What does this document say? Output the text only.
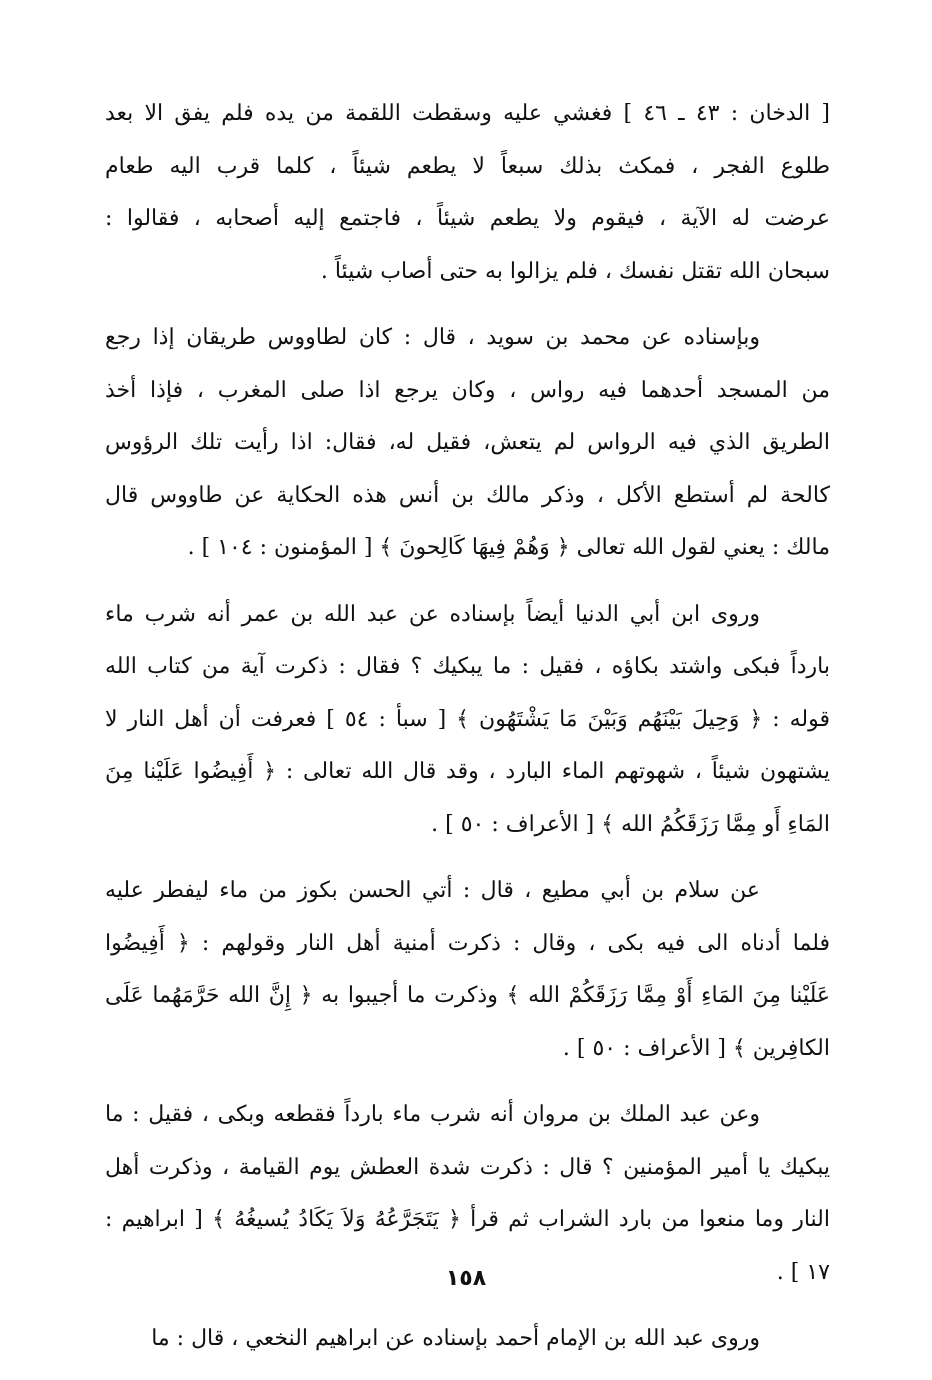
[ الدخان : ٤٣ ـ ٤٦ ] فغشي عليه وسقطت اللقمة من يده فلم يفق الا بعد
طلوع الفجر ، فمكث بذلك سبعاً لا يطعم شيئاً ، كلما قرب اليه طعام
عرضت له الآية ، فيقوم ولا يطعم شيئاً ، فاجتمع إليه أصحابه ، فقالوا :
سبحان الله تقتل نفسك ، فلم يزالوا به حتى أصاب شيئاً .
وبإسناده عن محمد بن سويد ، قال : كان لطاووس طريقان إذا رجع
من المسجد أحدهما فيه رواس ، وكان يرجع اذا صلى المغرب ، فإذا أخذ
الطريق الذي فيه الرواس لم يتعش، فقيل له، فقال: اذا رأيت تلك الرؤوس
كالحة لم أستطع الأكل ، وذكر مالك بن أنس هذه الحكاية عن طاووس قال
مالك : يعني لقول الله تعالى ﴿ وَهُمْ فِيهَا كَالِحونَ ﴾ [ المؤمنون : ١٠٤ ] .
وروى ابن أبي الدنيا أيضاً بإسناده عن عبد الله بن عمر أنه شرب ماء
بارداً فبكى واشتد بكاؤه ، فقيل : ما يبكيك ؟ فقال : ذكرت آية من كتاب الله
قوله : ﴿ وَحِيلَ بَيْنَهُم وَبَيْنَ مَا يَشْتَهُون ﴾ [ سبأ : ٥٤ ] فعرفت أن أهل النار لا
يشتهون شيئاً ، شهوتهم الماء البارد ، وقد قال الله تعالى : ﴿ أَفِيضُوا عَلَيْنا مِنَ
المَاءِ أَو مِمَّا رَزَقَكُمُ الله ﴾ [ الأعراف : ٥٠ ] .
عن سلام بن أبي مطيع ، قال : أتي الحسن بكوز من ماء ليفطر عليه
فلما أدناه الى فيه بكى ، وقال : ذكرت أمنية أهل النار وقولهم : ﴿ أَفِيضُوا
عَلَيْنا مِنَ المَاءِ أَوْ مِمَّا رَزَقَكُمْ الله ﴾ وذكرت ما أجيبوا به ﴿ إِنَّ الله حَرَّمَهُما عَلَى
الكافِرين ﴾ [ الأعراف : ٥٠ ] .
وعن عبد الملك بن مروان أنه شرب ماء بارداً فقطعه وبكى ، فقيل : ما
يبكيك يا أمير المؤمنين ؟ قال : ذكرت شدة العطش يوم القيامة ، وذكرت أهل
النار وما منعوا من بارد الشراب ثم قرأ ﴿ يَتَجَرَّعُهُ وَلاَ يَكَادُ يُسيغُهُ ﴾ [ ابراهيم :
١٧ ] .
وروى عبد الله بن الإمام أحمد بإسناده عن ابراهيم النخعي ، قال : ما
١٥٨
